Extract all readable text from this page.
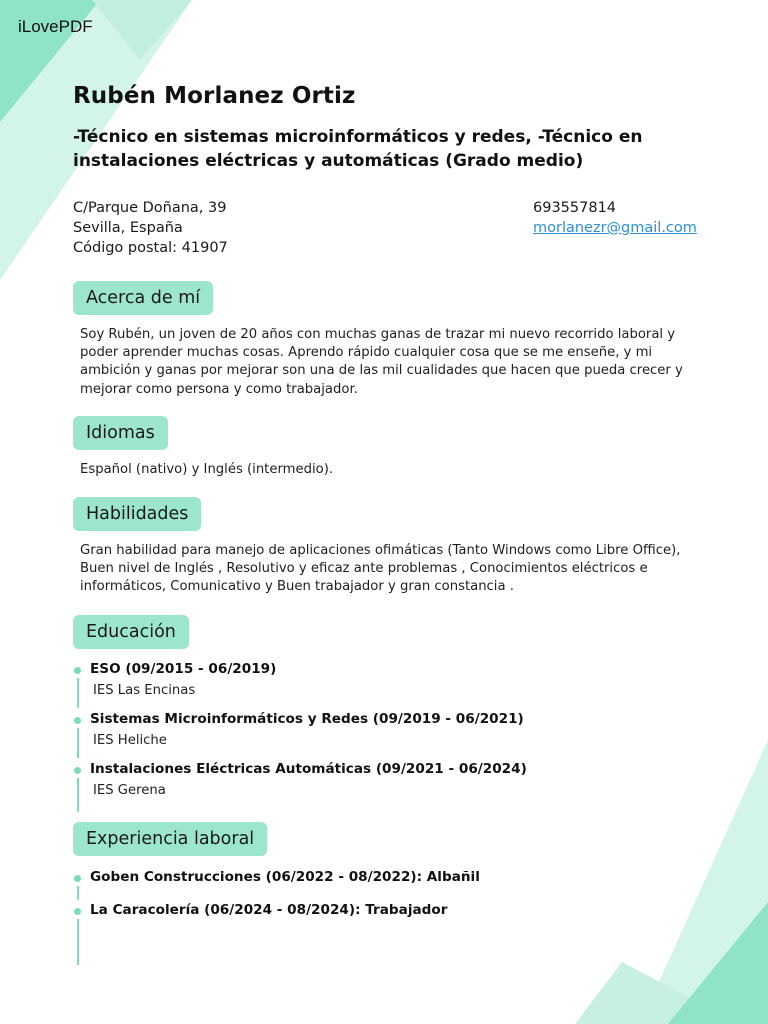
iLovePDF
Rubén Morlanez Ortiz
-Técnico en sistemas microinformáticos y redes, -Técnico en instalaciones eléctricas y automáticas (Grado medio)
C/Parque Doñana, 39
Sevilla, España
Código postal: 41907
693557814
morlanezr@gmail.com
Acerca de mí
Soy Rubén, un joven de 20 años con muchas ganas de trazar mi nuevo recorrido laboral y poder aprender muchas cosas. Aprendo rápido cualquier cosa que se me enseñe, y mi ambición y ganas por mejorar son una de las mil cualidades que hacen que pueda crecer y mejorar como persona y como trabajador.
Idiomas
Español (nativo) y Inglés (intermedio).
Habilidades
Gran habilidad para manejo de aplicaciones ofimáticas (Tanto Windows como Libre Office), Buen nivel de Inglés , Resolutivo y eficaz ante problemas , Conocimientos eléctricos e informáticos, Comunicativo y Buen trabajador y gran constancia .
Educación
ESO (09/2015 - 06/2019)
IES Las Encinas
Sistemas Microinformáticos y Redes (09/2019 - 06/2021)
IES Heliche
Instalaciones Eléctricas Automáticas (09/2021 - 06/2024)
IES Gerena
Experiencia laboral
Goben Construcciones (06/2022 - 08/2022): Albañil
La Caracolería (06/2024 - 08/2024): Trabajador
